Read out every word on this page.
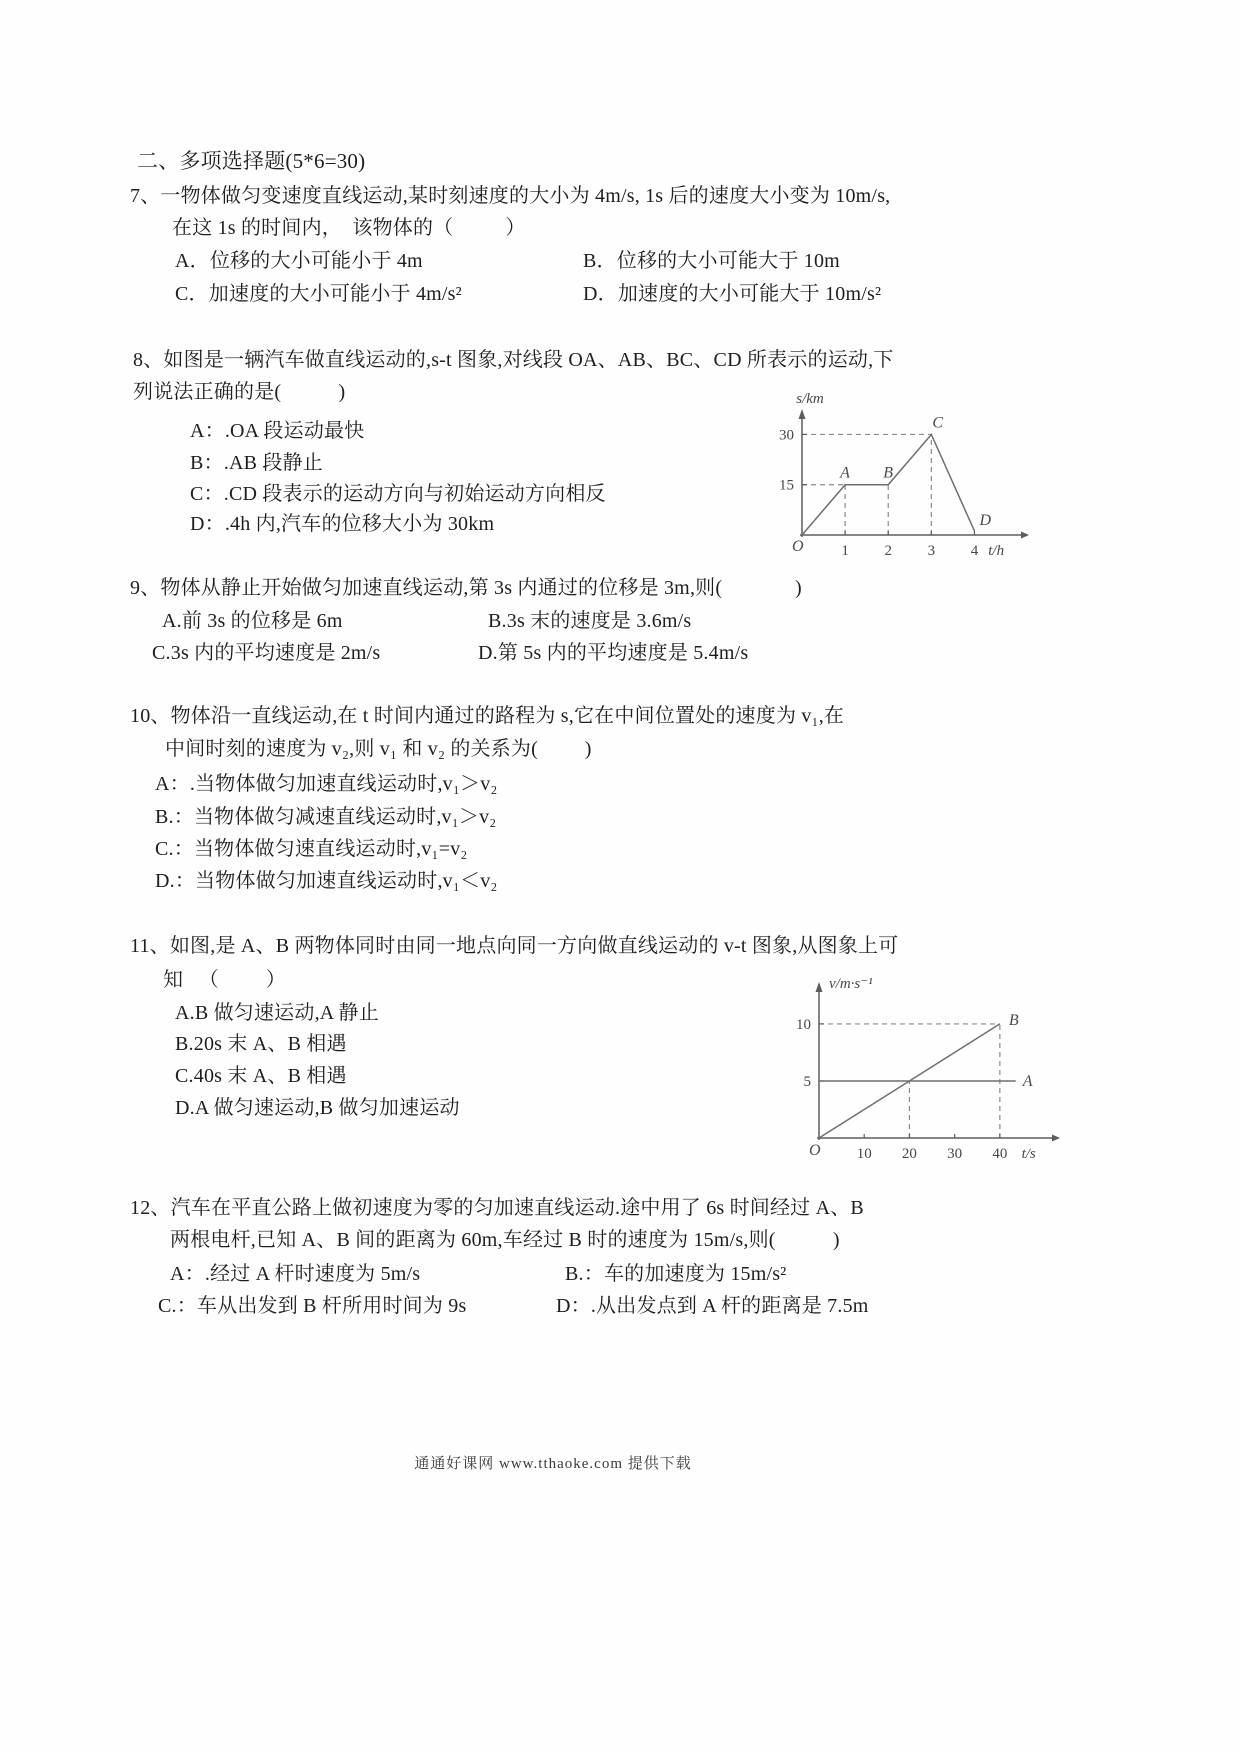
二、多项选择题(5*6=30)
7、一物体做匀变速度直线运动,某时刻速度的大小为 4m/s, 1s 后的速度大小变为 10m/s,
在这 1s 的时间内，  该物体的（          ）
A．位移的大小可能小于 4m	B．位移的大小可能大于 10m
C．加速度的大小可能小于 4m/s²	D．加速度的大小可能大于 10m/s²
8、如图是一辆汽车做直线运动的,s-t 图象,对线段 OA、AB、BC、CD 所表示的运动,下
列说法正确的是(           )
A：.OA 段运动最快
B：.AB 段静止
C：.CD 段表示的运动方向与初始运动方向相反
D：.4h 内,汽车的位移大小为 30km
1 2 3 4
15
30
t/h
s/km
O
A B
C
D
9、物体从静止开始做匀加速直线运动,第 3s 内通过的位移是 3m,则(              )
A.前 3s 的位移是 6m	B.3s 末的速度是 3.6m/s
C.3s 内的平均速度是 2m/s	D.第 5s 内的平均速度是 5.4m/s
10、物体沿一直线运动,在 t 时间内通过的路程为 s,它在中间位置处的速度为 v₁,在
中间时刻的速度为 v₂,则 v₁ 和 v₂ 的关系为(         )
A：.当物体做匀加速直线运动时,v₁＞v₂
B.：当物体做匀减速直线运动时,v₁＞v₂
C.：当物体做匀速直线运动时,v₁=v₂
D.：当物体做匀加速直线运动时,v₁＜v₂
11、如图,是 A、B 两物体同时由同一地点向同一方向做直线运动的 v-t 图象,从图象上可
知   （         ）
A.B 做匀速运动,A 静止
B.20s 末 A、B 相遇
C.40s 末 A、B 相遇
D.A 做匀速运动,B 做匀加速运动
10 20 30 40
5
10
t/s
v/m·s⁻¹
O
A
B
12、汽车在平直公路上做初速度为零的匀加速直线运动.途中用了 6s 时间经过 A、B
两根电杆,已知 A、B 间的距离为 60m,车经过 B 时的速度为 15m/s,则(           )
A：.经过 A 杆时速度为 5m/s	B.：车的加速度为 15m/s²
C.：车从出发到 B 杆所用时间为 9s	D：.从出发点到 A 杆的距离是 7.5m
通通好课网 www.tthaoke.com 提供下载
